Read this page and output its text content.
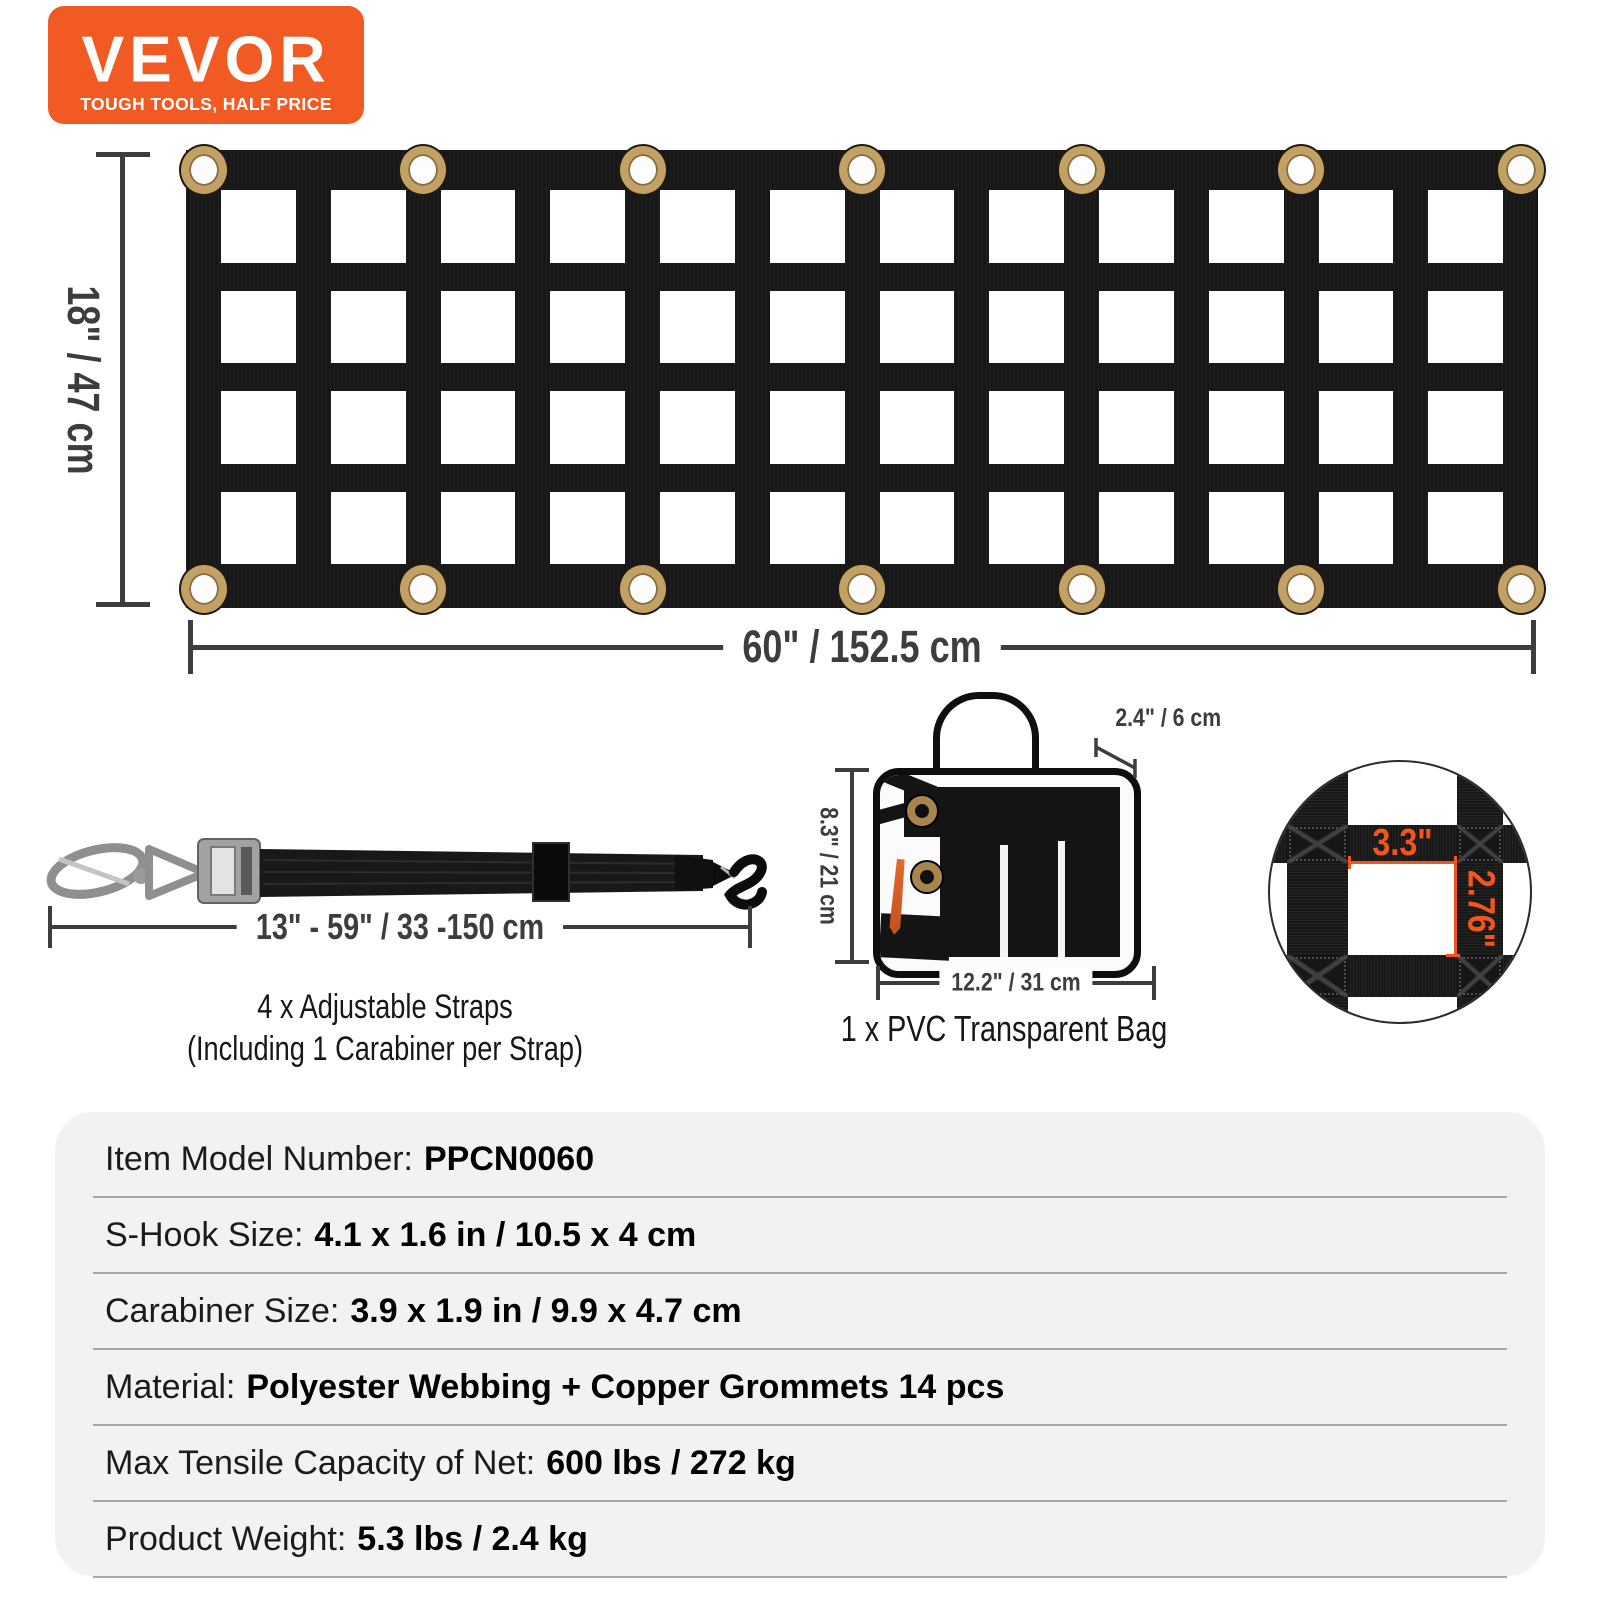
VEVOR
TOUGH TOOLS, HALF PRICE
18" / 47 cm
60" / 152.5 cm
13" - 59" / 33 -150 cm
4 x Adjustable Straps
(Including 1 Carabiner per Strap)
2.4" / 6 cm
8.3" / 21 cm
12.2" / 31 cm
1 x PVC Transparent Bag
3.3"
2.76"
Item Model Number: PPCN0060
S-Hook Size: 4.1 x 1.6 in / 10.5 x 4 cm
Carabiner Size: 3.9 x 1.9 in / 9.9 x 4.7 cm
Material: Polyester Webbing + Copper Grommets 14 pcs
Max Tensile Capacity of Net: 600 lbs / 272 kg
Product Weight: 5.3 lbs / 2.4 kg
